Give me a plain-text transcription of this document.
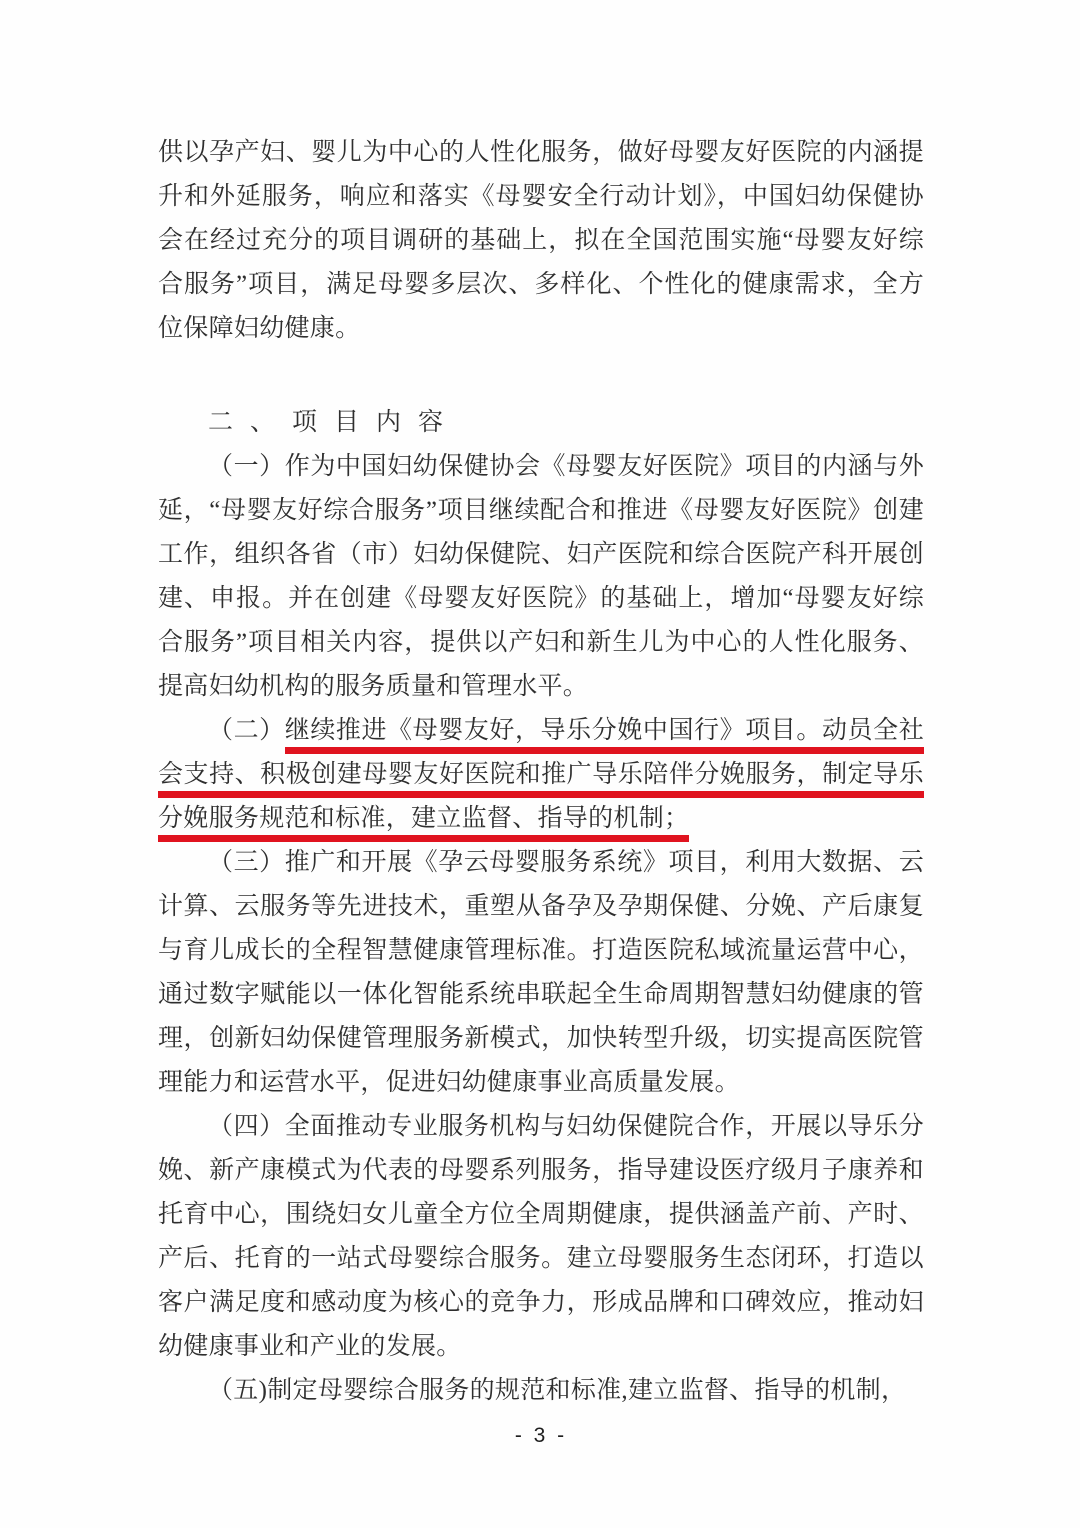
供以孕产妇、婴儿为中心的人性化服务，做好母婴友好医院的内涵提升和外延服务，响应和落实《母婴安全行动计划》，中国妇幼保健协会在经过充分的项目调研的基础上，拟在全国范围实施“母婴友好综合服务”项目，满足母婴多层次、多样化、个性化的健康需求，全方位保障妇幼健康。

二、项目内容

（一）作为中国妇幼保健协会《母婴友好医院》项目的内涵与外延，“母婴友好综合服务”项目继续配合和推进《母婴友好医院》创建工作，组织各省（市）妇幼保健院、妇产医院和综合医院产科开展创建、申报。并在创建《母婴友好医院》的基础上，增加“母婴友好综合服务”项目相关内容，提供以产妇和新生儿为中心的人性化服务、提高妇幼机构的服务质量和管理水平。

（二）继续推进《母婴友好，导乐分娩中国行》项目。动员全社
会支持、积极创建母婴友好医院和推广导乐陪伴分娩服务，制定导乐
分娩服务规范和标准，建立监督、指导的机制；

（三）推广和开展《孕云母婴服务系统》项目，利用大数据、云计算、云服务等先进技术，重塑从备孕及孕期保健、分娩、产后康复与育儿成长的全程智慧健康管理标准。打造医院私域流量运营中心，通过数字赋能以一体化智能系统串联起全生命周期智慧妇幼健康的管理，创新妇幼保健管理服务新模式，加快转型升级，切实提高医院管理能力和运营水平，促进妇幼健康事业高质量发展。

（四）全面推动专业服务机构与妇幼保健院合作，开展以导乐分娩、新产康模式为代表的母婴系列服务，指导建设医疗级月子康养和托育中心，围绕妇女儿童全方位全周期健康，提供涵盖产前、产时、产后、托育的一站式母婴综合服务。建立母婴服务生态闭环，打造以客户满足度和感动度为核心的竞争力，形成品牌和口碑效应，推动妇幼健康事业和产业的发展。

（五)制定母婴综合服务的规范和标准,建立监督、指导的机制，

- 3 -
